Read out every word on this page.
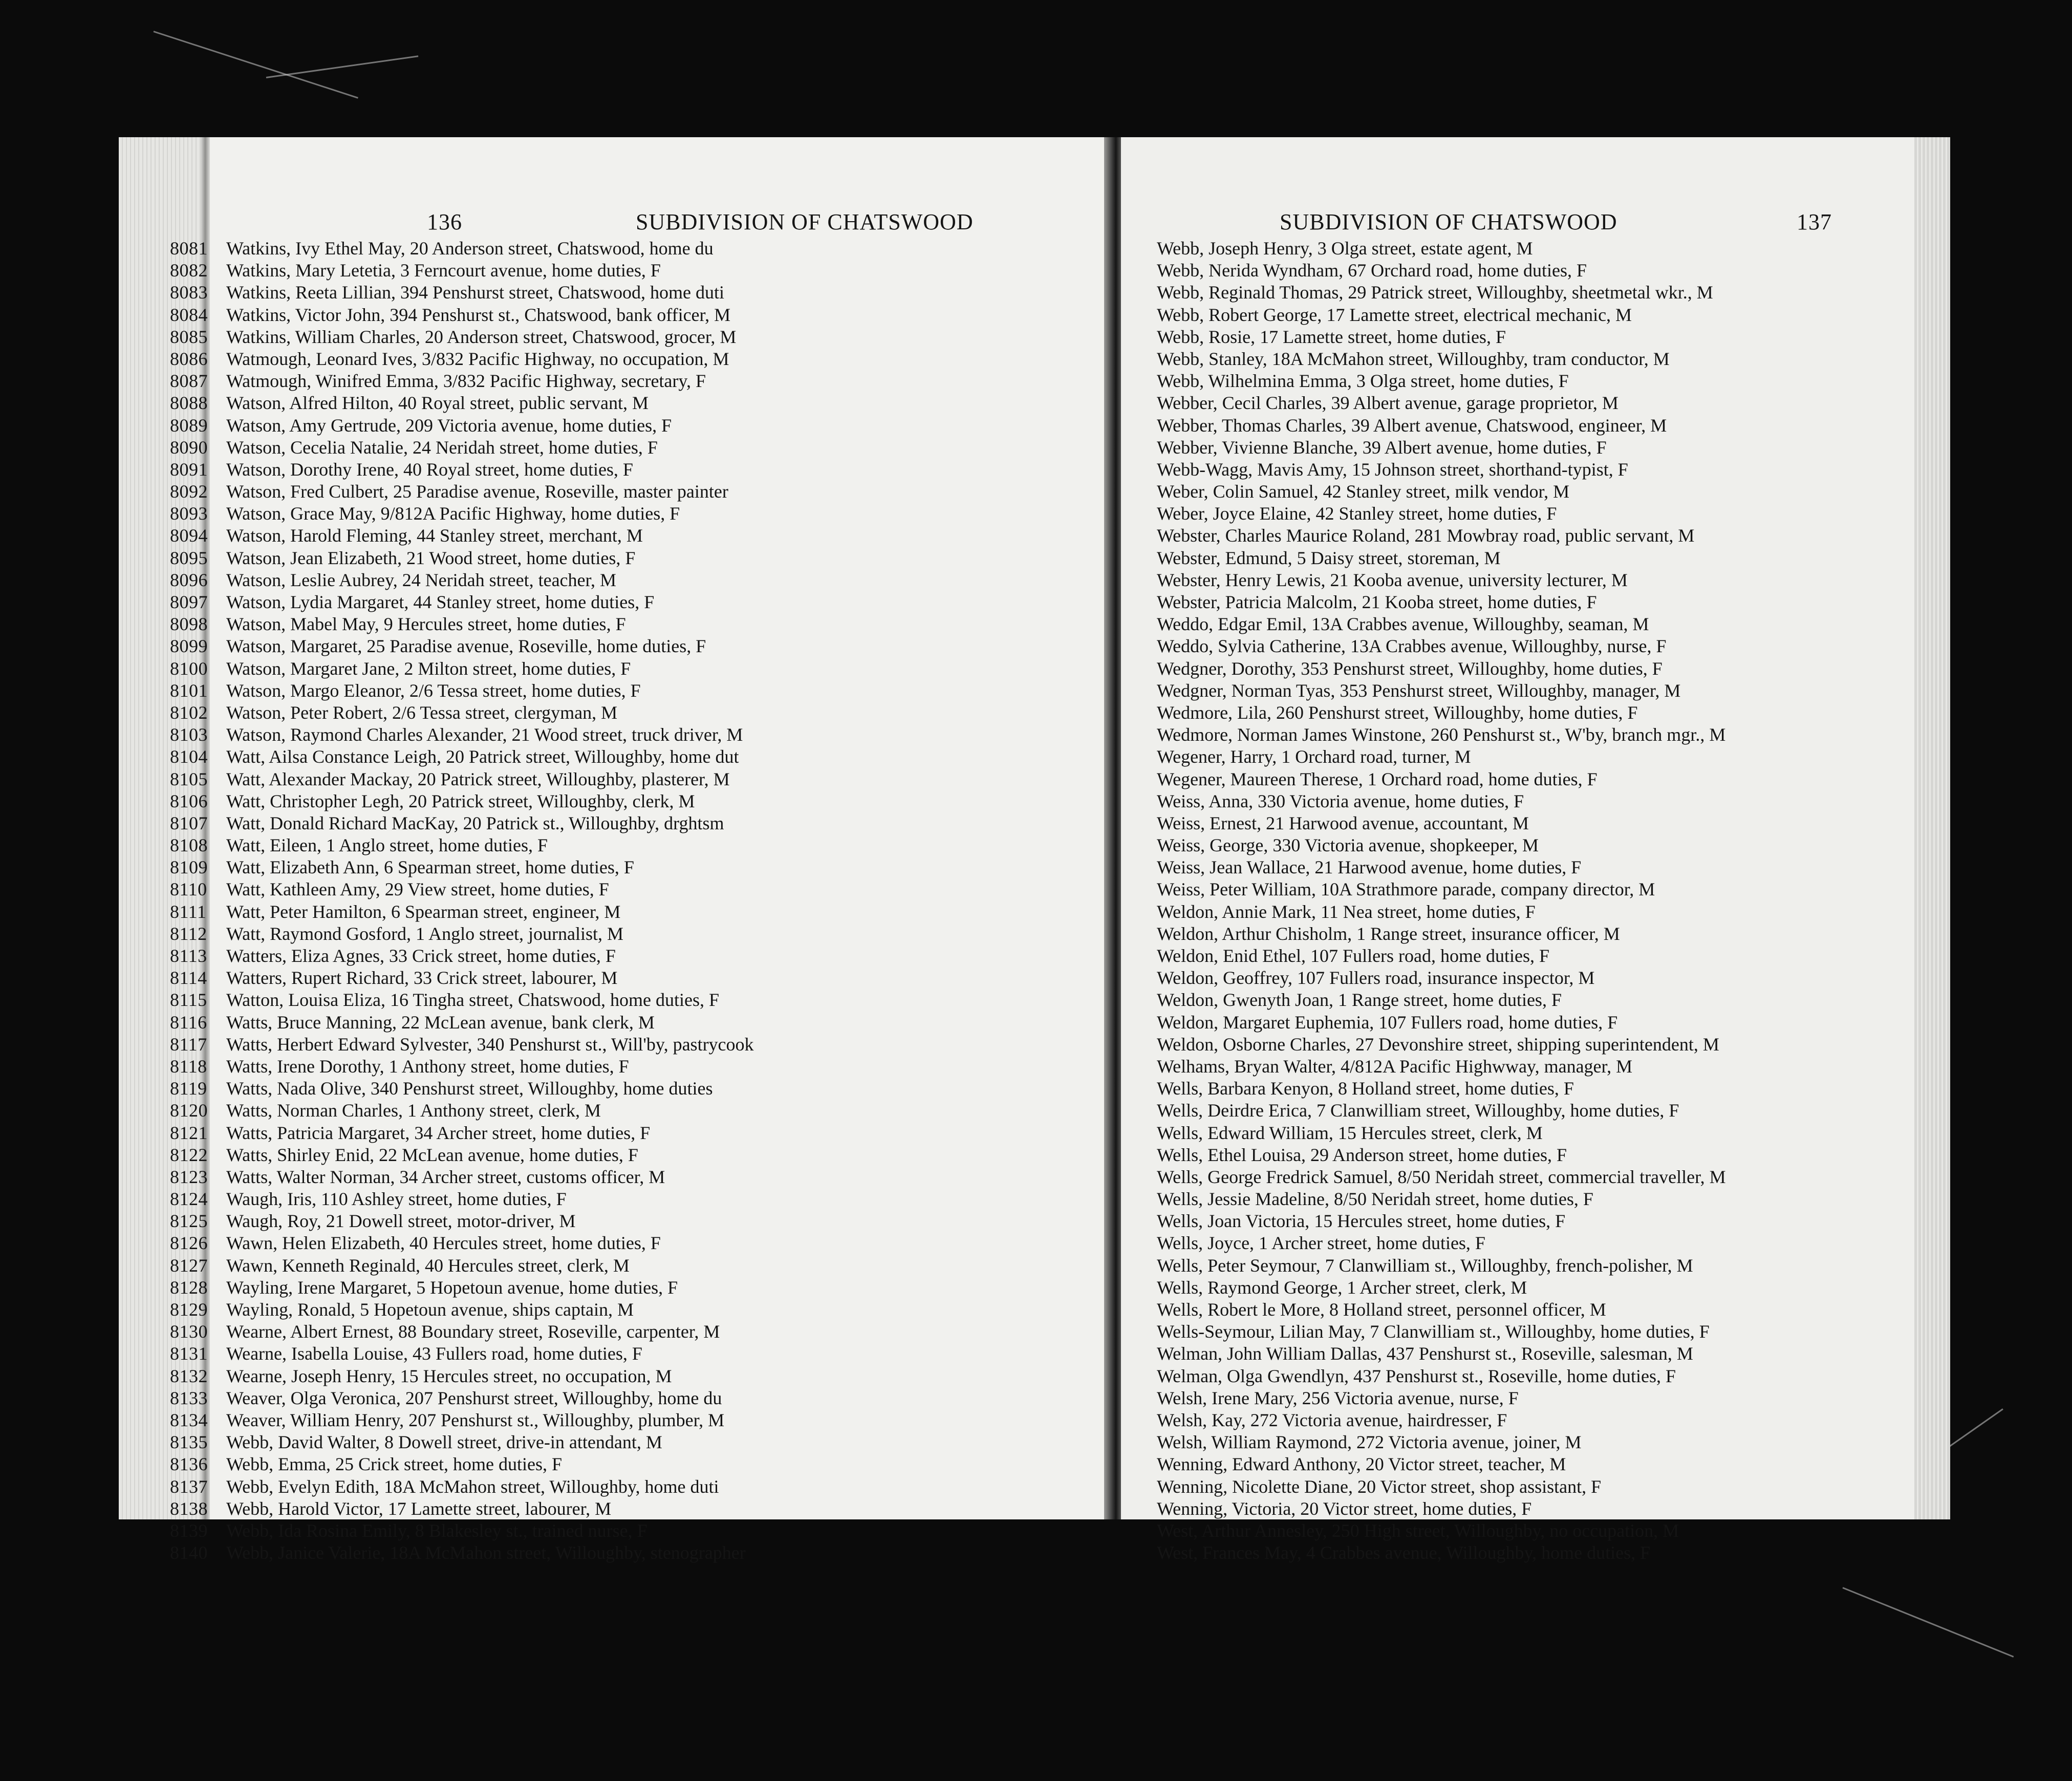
136	SUBDIVISION OF CHATSWOOD
8081 Watkins, Ivy Ethel May, 20 Anderson street, Chatswood, home du
8082 Watkins, Mary Letetia, 3 Ferncourt avenue, home duties, F
8083 Watkins, Reeta Lillian, 394 Penshurst street, Chatswood, home duti
8084 Watkins, Victor John, 394 Penshurst st., Chatswood, bank officer, M
8085 Watkins, William Charles, 20 Anderson street, Chatswood, grocer, M
8086 Watmough, Leonard Ives, 3/832 Pacific Highway, no occupation, M
8087 Watmough, Winifred Emma, 3/832 Pacific Highway, secretary, F
8088 Watson, Alfred Hilton, 40 Royal street, public servant, M
8089 Watson, Amy Gertrude, 209 Victoria avenue, home duties, F
8090 Watson, Cecelia Natalie, 24 Neridah street, home duties, F
8091 Watson, Dorothy Irene, 40 Royal street, home duties, F
8092 Watson, Fred Culbert, 25 Paradise avenue, Roseville, master painter
8093 Watson, Grace May, 9/812A Pacific Highway, home duties, F
8094 Watson, Harold Fleming, 44 Stanley street, merchant, M
8095 Watson, Jean Elizabeth, 21 Wood street, home duties, F
8096 Watson, Leslie Aubrey, 24 Neridah street, teacher, M
8097 Watson, Lydia Margaret, 44 Stanley street, home duties, F
8098 Watson, Mabel May, 9 Hercules street, home duties, F
8099 Watson, Margaret, 25 Paradise avenue, Roseville, home duties, F
8100 Watson, Margaret Jane, 2 Milton street, home duties, F
8101 Watson, Margo Eleanor, 2/6 Tessa street, home duties, F
8102 Watson, Peter Robert, 2/6 Tessa street, clergyman, M
8103 Watson, Raymond Charles Alexander, 21 Wood street, truck driver, M
8104 Watt, Ailsa Constance Leigh, 20 Patrick street, Willoughby, home dut
8105 Watt, Alexander Mackay, 20 Patrick street, Willoughby, plasterer, M
8106 Watt, Christopher Legh, 20 Patrick street, Willoughby, clerk, M
8107 Watt, Donald Richard MacKay, 20 Patrick st., Willoughby, drghtsm
8108 Watt, Eileen, 1 Anglo street, home duties, F
8109 Watt, Elizabeth Ann, 6 Spearman street, home duties, F
8110 Watt, Kathleen Amy, 29 View street, home duties, F
8111 Watt, Peter Hamilton, 6 Spearman street, engineer, M
8112 Watt, Raymond Gosford, 1 Anglo street, journalist, M
8113 Watters, Eliza Agnes, 33 Crick street, home duties, F
8114 Watters, Rupert Richard, 33 Crick street, labourer, M
8115 Watton, Louisa Eliza, 16 Tingha street, Chatswood, home duties, F
8116 Watts, Bruce Manning, 22 McLean avenue, bank clerk, M
8117 Watts, Herbert Edward Sylvester, 340 Penshurst st., Will'by, pastrycook
8118 Watts, Irene Dorothy, 1 Anthony street, home duties, F
8119 Watts, Nada Olive, 340 Penshurst street, Willoughby, home duties
8120 Watts, Norman Charles, 1 Anthony street, clerk, M
8121 Watts, Patricia Margaret, 34 Archer street, home duties, F
8122 Watts, Shirley Enid, 22 McLean avenue, home duties, F
8123 Watts, Walter Norman, 34 Archer street, customs officer, M
8124 Waugh, Iris, 110 Ashley street, home duties, F
8125 Waugh, Roy, 21 Dowell street, motor-driver, M
8126 Wawn, Helen Elizabeth, 40 Hercules street, home duties, F
8127 Wawn, Kenneth Reginald, 40 Hercules street, clerk, M
8128 Wayling, Irene Margaret, 5 Hopetoun avenue, home duties, F
8129 Wayling, Ronald, 5 Hopetoun avenue, ships captain, M
8130 Wearne, Albert Ernest, 88 Boundary street, Roseville, carpenter, M
8131 Wearne, Isabella Louise, 43 Fullers road, home duties, F
8132 Wearne, Joseph Henry, 15 Hercules street, no occupation, M
8133 Weaver, Olga Veronica, 207 Penshurst street, Willoughby, home du
8134 Weaver, William Henry, 207 Penshurst st., Willoughby, plumber, M
8135 Webb, David Walter, 8 Dowell street, drive-in attendant, M
8136 Webb, Emma, 25 Crick street, home duties, F
8137 Webb, Evelyn Edith, 18A McMahon street, Willoughby, home duti
8138 Webb, Harold Victor, 17 Lamette street, labourer, M
8139 Webb, Ida Rosina Emily, 8 Blakesley st., trained nurse, F
8140 Webb, Janice Valerie, 18A McMahon street, Willoughby, stenographer
SUBDIVISION OF CHATSWOOD	137
Webb, Joseph Henry, 3 Olga street, estate agent, M
Webb, Nerida Wyndham, 67 Orchard road, home duties, F
Webb, Reginald Thomas, 29 Patrick street, Willoughby, sheetmetal wkr., M
Webb, Robert George, 17 Lamette street, electrical mechanic, M
Webb, Rosie, 17 Lamette street, home duties, F
Webb, Stanley, 18A McMahon street, Willoughby, tram conductor, M
Webb, Wilhelmina Emma, 3 Olga street, home duties, F
Webber, Cecil Charles, 39 Albert avenue, garage proprietor, M
Webber, Thomas Charles, 39 Albert avenue, Chatswood, engineer, M
Webber, Vivienne Blanche, 39 Albert avenue, home duties, F
Webb-Wagg, Mavis Amy, 15 Johnson street, shorthand-typist, F
Weber, Colin Samuel, 42 Stanley street, milk vendor, M
Weber, Joyce Elaine, 42 Stanley street, home duties, F
Webster, Charles Maurice Roland, 281 Mowbray road, public servant, M
Webster, Edmund, 5 Daisy street, storeman, M
Webster, Henry Lewis, 21 Kooba avenue, university lecturer, M
Webster, Patricia Malcolm, 21 Kooba street, home duties, F
Weddo, Edgar Emil, 13A Crabbes avenue, Willoughby, seaman, M
Weddo, Sylvia Catherine, 13A Crabbes avenue, Willoughby, nurse, F
Wedgner, Dorothy, 353 Penshurst street, Willoughby, home duties, F
Wedgner, Norman Tyas, 353 Penshurst street, Willoughby, manager, M
Wedmore, Lila, 260 Penshurst street, Willoughby, home duties, F
Wedmore, Norman James Winstone, 260 Penshurst st., W'by, branch mgr., M
Wegener, Harry, 1 Orchard road, turner, M
Wegener, Maureen Therese, 1 Orchard road, home duties, F
Weiss, Anna, 330 Victoria avenue, home duties, F
Weiss, Ernest, 21 Harwood avenue, accountant, M
Weiss, George, 330 Victoria avenue, shopkeeper, M
Weiss, Jean Wallace, 21 Harwood avenue, home duties, F
Weiss, Peter William, 10A Strathmore parade, company director, M
Weldon, Annie Mark, 11 Nea street, home duties, F
Weldon, Arthur Chisholm, 1 Range street, insurance officer, M
Weldon, Enid Ethel, 107 Fullers road, home duties, F
Weldon, Geoffrey, 107 Fullers road, insurance inspector, M
Weldon, Gwenyth Joan, 1 Range street, home duties, F
Weldon, Margaret Euphemia, 107 Fullers road, home duties, F
Weldon, Osborne Charles, 27 Devonshire street, shipping superintendent, M
Welhams, Bryan Walter, 4/812A Pacific Highwway, manager, M
Wells, Barbara Kenyon, 8 Holland street, home duties, F
Wells, Deirdre Erica, 7 Clanwilliam street, Willoughby, home duties, F
Wells, Edward William, 15 Hercules street, clerk, M
Wells, Ethel Louisa, 29 Anderson street, home duties, F
Wells, George Fredrick Samuel, 8/50 Neridah street, commercial traveller, M
Wells, Jessie Madeline, 8/50 Neridah street, home duties, F
Wells, Joan Victoria, 15 Hercules street, home duties, F
Wells, Joyce, 1 Archer street, home duties, F
Wells, Peter Seymour, 7 Clanwilliam st., Willoughby, french-polisher, M
Wells, Raymond George, 1 Archer street, clerk, M
Wells, Robert le More, 8 Holland street, personnel officer, M
Wells-Seymour, Lilian May, 7 Clanwilliam st., Willoughby, home duties, F
Welman, John William Dallas, 437 Penshurst st., Roseville, salesman, M
Welman, Olga Gwendlyn, 437 Penshurst st., Roseville, home duties, F
Welsh, Irene Mary, 256 Victoria avenue, nurse, F
Welsh, Kay, 272 Victoria avenue, hairdresser, F
Welsh, William Raymond, 272 Victoria avenue, joiner, M
Wenning, Edward Anthony, 20 Victor street, teacher, M
Wenning, Nicolette Diane, 20 Victor street, shop assistant, F
Wenning, Victoria, 20 Victor street, home duties, F
West, Arthur Annesley, 250 High street, Willoughby, no occupation, M
West, Frances May, 4 Crabbes avenue, Willoughby, home duties, F
